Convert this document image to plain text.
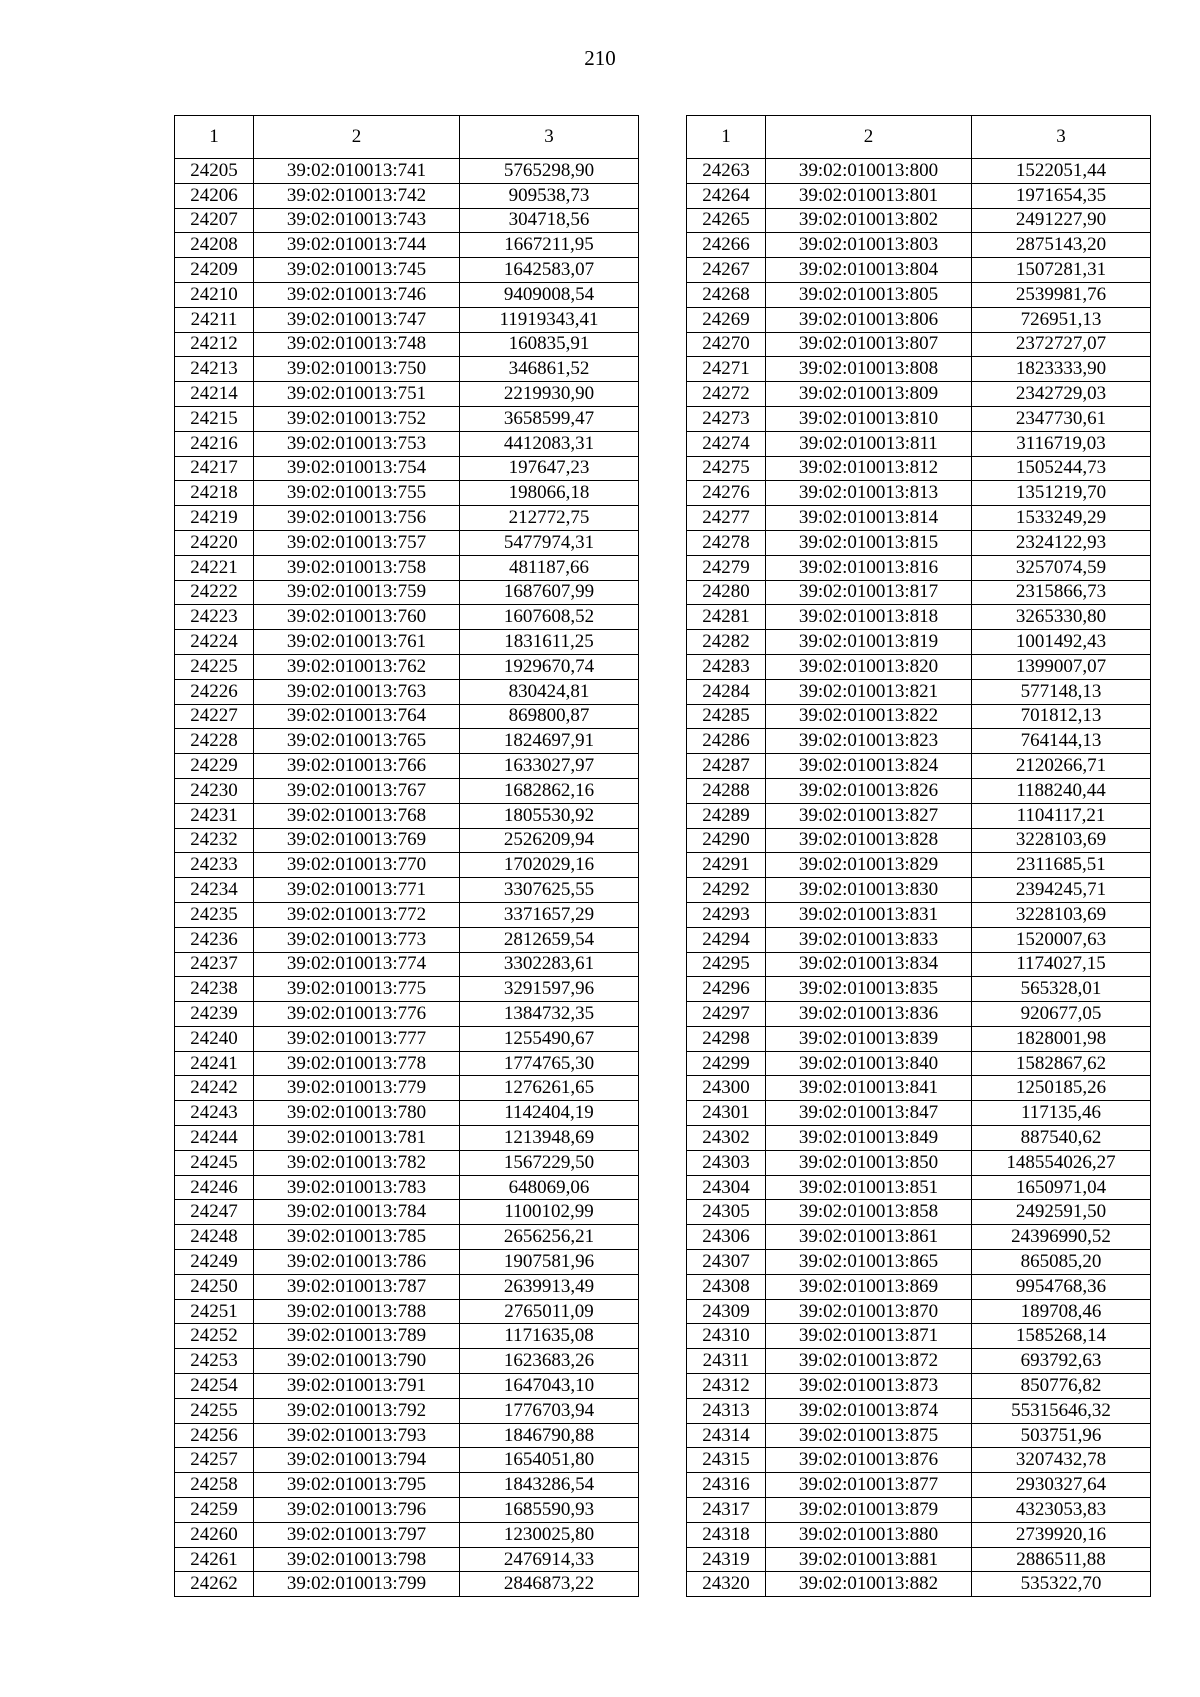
210
1	2	3
24205	39:02:010013:741	5765298,90
24206	39:02:010013:742	909538,73
24207	39:02:010013:743	304718,56
24208	39:02:010013:744	1667211,95
24209	39:02:010013:745	1642583,07
24210	39:02:010013:746	9409008,54
24211	39:02:010013:747	11919343,41
24212	39:02:010013:748	160835,91
24213	39:02:010013:750	346861,52
24214	39:02:010013:751	2219930,90
24215	39:02:010013:752	3658599,47
24216	39:02:010013:753	4412083,31
24217	39:02:010013:754	197647,23
24218	39:02:010013:755	198066,18
24219	39:02:010013:756	212772,75
24220	39:02:010013:757	5477974,31
24221	39:02:010013:758	481187,66
24222	39:02:010013:759	1687607,99
24223	39:02:010013:760	1607608,52
24224	39:02:010013:761	1831611,25
24225	39:02:010013:762	1929670,74
24226	39:02:010013:763	830424,81
24227	39:02:010013:764	869800,87
24228	39:02:010013:765	1824697,91
24229	39:02:010013:766	1633027,97
24230	39:02:010013:767	1682862,16
24231	39:02:010013:768	1805530,92
24232	39:02:010013:769	2526209,94
24233	39:02:010013:770	1702029,16
24234	39:02:010013:771	3307625,55
24235	39:02:010013:772	3371657,29
24236	39:02:010013:773	2812659,54
24237	39:02:010013:774	3302283,61
24238	39:02:010013:775	3291597,96
24239	39:02:010013:776	1384732,35
24240	39:02:010013:777	1255490,67
24241	39:02:010013:778	1774765,30
24242	39:02:010013:779	1276261,65
24243	39:02:010013:780	1142404,19
24244	39:02:010013:781	1213948,69
24245	39:02:010013:782	1567229,50
24246	39:02:010013:783	648069,06
24247	39:02:010013:784	1100102,99
24248	39:02:010013:785	2656256,21
24249	39:02:010013:786	1907581,96
24250	39:02:010013:787	2639913,49
24251	39:02:010013:788	2765011,09
24252	39:02:010013:789	1171635,08
24253	39:02:010013:790	1623683,26
24254	39:02:010013:791	1647043,10
24255	39:02:010013:792	1776703,94
24256	39:02:010013:793	1846790,88
24257	39:02:010013:794	1654051,80
24258	39:02:010013:795	1843286,54
24259	39:02:010013:796	1685590,93
24260	39:02:010013:797	1230025,80
24261	39:02:010013:798	2476914,33
24262	39:02:010013:799	2846873,22
1	2	3
24263	39:02:010013:800	1522051,44
24264	39:02:010013:801	1971654,35
24265	39:02:010013:802	2491227,90
24266	39:02:010013:803	2875143,20
24267	39:02:010013:804	1507281,31
24268	39:02:010013:805	2539981,76
24269	39:02:010013:806	726951,13
24270	39:02:010013:807	2372727,07
24271	39:02:010013:808	1823333,90
24272	39:02:010013:809	2342729,03
24273	39:02:010013:810	2347730,61
24274	39:02:010013:811	3116719,03
24275	39:02:010013:812	1505244,73
24276	39:02:010013:813	1351219,70
24277	39:02:010013:814	1533249,29
24278	39:02:010013:815	2324122,93
24279	39:02:010013:816	3257074,59
24280	39:02:010013:817	2315866,73
24281	39:02:010013:818	3265330,80
24282	39:02:010013:819	1001492,43
24283	39:02:010013:820	1399007,07
24284	39:02:010013:821	577148,13
24285	39:02:010013:822	701812,13
24286	39:02:010013:823	764144,13
24287	39:02:010013:824	2120266,71
24288	39:02:010013:826	1188240,44
24289	39:02:010013:827	1104117,21
24290	39:02:010013:828	3228103,69
24291	39:02:010013:829	2311685,51
24292	39:02:010013:830	2394245,71
24293	39:02:010013:831	3228103,69
24294	39:02:010013:833	1520007,63
24295	39:02:010013:834	1174027,15
24296	39:02:010013:835	565328,01
24297	39:02:010013:836	920677,05
24298	39:02:010013:839	1828001,98
24299	39:02:010013:840	1582867,62
24300	39:02:010013:841	1250185,26
24301	39:02:010013:847	117135,46
24302	39:02:010013:849	887540,62
24303	39:02:010013:850	148554026,27
24304	39:02:010013:851	1650971,04
24305	39:02:010013:858	2492591,50
24306	39:02:010013:861	24396990,52
24307	39:02:010013:865	865085,20
24308	39:02:010013:869	9954768,36
24309	39:02:010013:870	189708,46
24310	39:02:010013:871	1585268,14
24311	39:02:010013:872	693792,63
24312	39:02:010013:873	850776,82
24313	39:02:010013:874	55315646,32
24314	39:02:010013:875	503751,96
24315	39:02:010013:876	3207432,78
24316	39:02:010013:877	2930327,64
24317	39:02:010013:879	4323053,83
24318	39:02:010013:880	2739920,16
24319	39:02:010013:881	2886511,88
24320	39:02:010013:882	535322,70
